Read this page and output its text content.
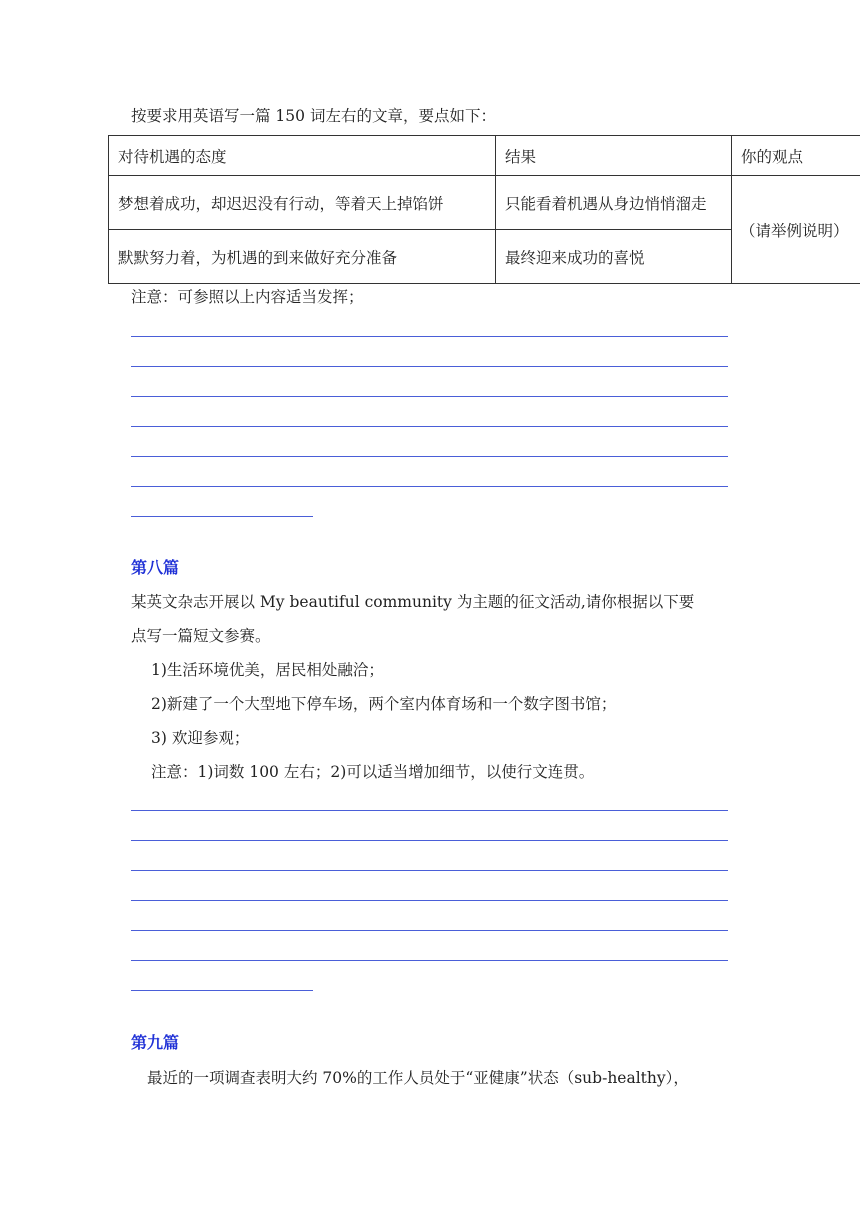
按要求用英语写一篇 150 词左右的文章，要点如下：
对待机遇的态度	结果	你的观点
梦想着成功，却迟迟没有行动，等着天上掉馅饼	只能看着机遇从身边悄悄溜走	（请举例说明）
默默努力着，为机遇的到来做好充分准备	最终迎来成功的喜悦	
注意：可参照以上内容适当发挥；
第八篇
某英文杂志开展以 My beautiful community 为主题的征文活动,请你根据以下要
点写一篇短文参赛。
1)生活环境优美，居民相处融洽；
2)新建了一个大型地下停车场，两个室内体育场和一个数字图书馆；
3) 欢迎参观；
注意：1)词数 100 左右；2)可以适当增加细节，以使行文连贯。
第九篇
最近的一项调查表明大约 70%的工作人员处于“亚健康”状态（sub-healthy），
